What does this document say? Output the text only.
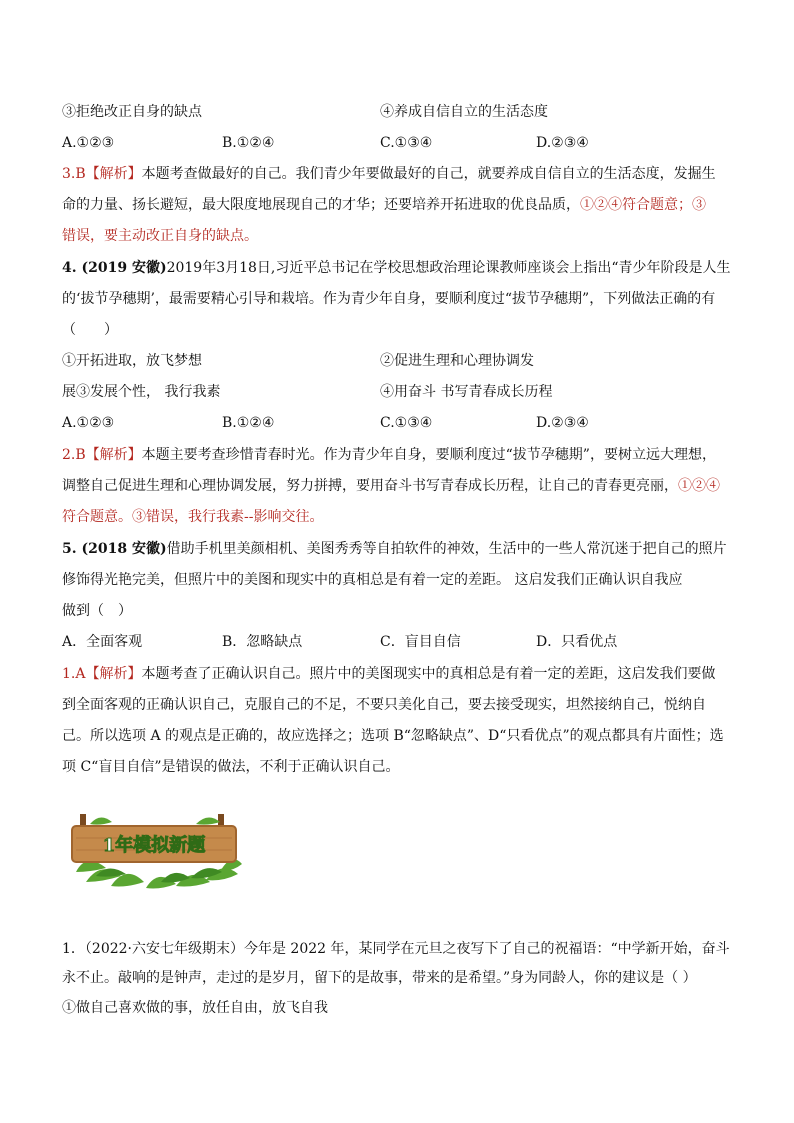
③拒绝改正自身的缺点	④养成自信自立的生活态度
A.①②③	B.①②④	C.①③④	D.②③④
3.B【解析】本题考查做最好的自己。我们青少年要做最好的自己，就要养成自信自立的生活态度，发掘生
命的力量、扬长避短，最大限度地展现自己的才华；还要培养开拓进取的优良品质，①②④符合题意；③
错误，要主动改正自身的缺点。
4. (2019 安徽)2019年3月18日,习近平总书记在学校思想政治理论课教师座谈会上指出“青少年阶段是人生
的‘拔节孕穗期’，最需要精心引导和栽培。作为青少年自身，要顺利度过“拔节孕穗期”，下列做法正确的有
（　　）
①开拓进取，放飞梦想	②促进生理和心理协调发
展③发展个性， 我行我素	④用奋斗 书写青春成长历程
A.①②③	B.①②④	C.①③④	D.②③④
2.B【解析】本题主要考查珍惜青春时光。作为青少年自身，要顺利度过“拔节孕穗期”，要树立远大理想，
调整自己促进生理和心理协调发展，努力拼搏，要用奋斗书写青春成长历程，让自己的青春更亮丽，①②④
符合题意。③错误，我行我素--影响交往。
5. (2018 安徽)借助手机里美颜相机、美图秀秀等自拍软件的神效，生活中的一些人常沉迷于把自己的照片
修饰得光艳完美，但照片中的美图和现实中的真相总是有着一定的差距。 这启发我们正确认识自我应
做到（　）
A．全面客观	B．忽略缺点	C．盲目自信	D．只看优点
1.A【解析】本题考查了正确认识自己。照片中的美图现实中的真相总是有着一定的差距，这启发我们要做
到全面客观的正确认识自己，克服自己的不足，不要只美化自己，要去接受现实，坦然接纳自己，悦纳自
己。所以选项 A 的观点是正确的，故应选择之；选项 B“忽略缺点”、D“只看优点”的观点都具有片面性；选
项 C“盲目自信”是错误的做法，不利于正确认识自己。
1年模拟新题
1．（2022·六安七年级期末）今年是 2022 年，某同学在元旦之夜写下了自己的祝福语：“中学新开始，奋斗
永不止。敲响的是钟声，走过的是岁月，留下的是故事，带来的是希望。”身为同龄人，你的建议是（ ）
①做自己喜欢做的事，放任自由，放飞自我
